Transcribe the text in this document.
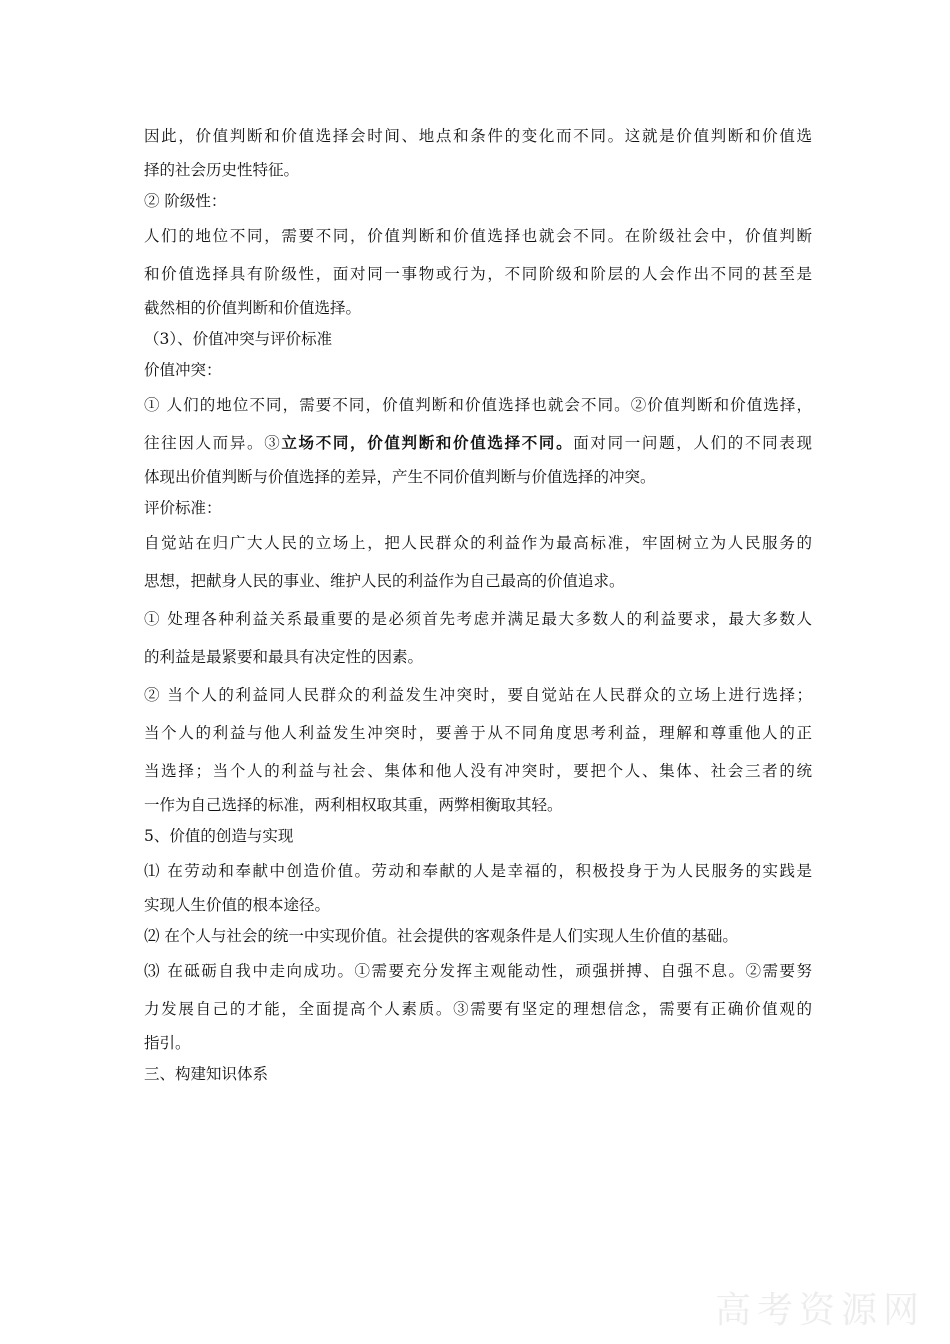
因此，价值判断和价值选择会时间、地点和条件的变化而不同。这就是价值判断和价值选
择的社会历史性特征。
② 阶级性：
人们的地位不同，需要不同，价值判断和价值选择也就会不同。在阶级社会中，价值判断
和价值选择具有阶级性，面对同一事物或行为，不同阶级和阶层的人会作出不同的甚至是
截然相的价值判断和价值选择。
（3）、价值冲突与评价标准
价值冲突：
① 人们的地位不同，需要不同，价值判断和价值选择也就会不同。②价值判断和价值选择，
往往因人而异。③立场不同，价值判断和价值选择不同。面对同一问题，人们的不同表现
体现出价值判断与价值选择的差异，产生不同价值判断与价值选择的冲突。
评价标准：
自觉站在归广大人民的立场上，把人民群众的利益作为最高标准，牢固树立为人民服务的
思想，把献身人民的事业、维护人民的利益作为自己最高的价值追求。
① 处理各种利益关系最重要的是必须首先考虑并满足最大多数人的利益要求，最大多数人
的利益是最紧要和最具有决定性的因素。
② 当个人的利益同人民群众的利益发生冲突时，要自觉站在人民群众的立场上进行选择；
当个人的利益与他人利益发生冲突时，要善于从不同角度思考利益，理解和尊重他人的正
当选择；当个人的利益与社会、集体和他人没有冲突时，要把个人、集体、社会三者的统
一作为自己选择的标准，两利相权取其重，两弊相衡取其轻。
5、价值的创造与实现
⑴ 在劳动和奉献中创造价值。劳动和奉献的人是幸福的，积极投身于为人民服务的实践是
实现人生价值的根本途径。
⑵ 在个人与社会的统一中实现价值。社会提供的客观条件是人们实现人生价值的基础。
⑶ 在砥砺自我中走向成功。①需要充分发挥主观能动性，顽强拼搏、自强不息。②需要努
力发展自己的才能，全面提高个人素质。③需要有坚定的理想信念，需要有正确价值观的
指引。
三、构建知识体系
高考资源网
